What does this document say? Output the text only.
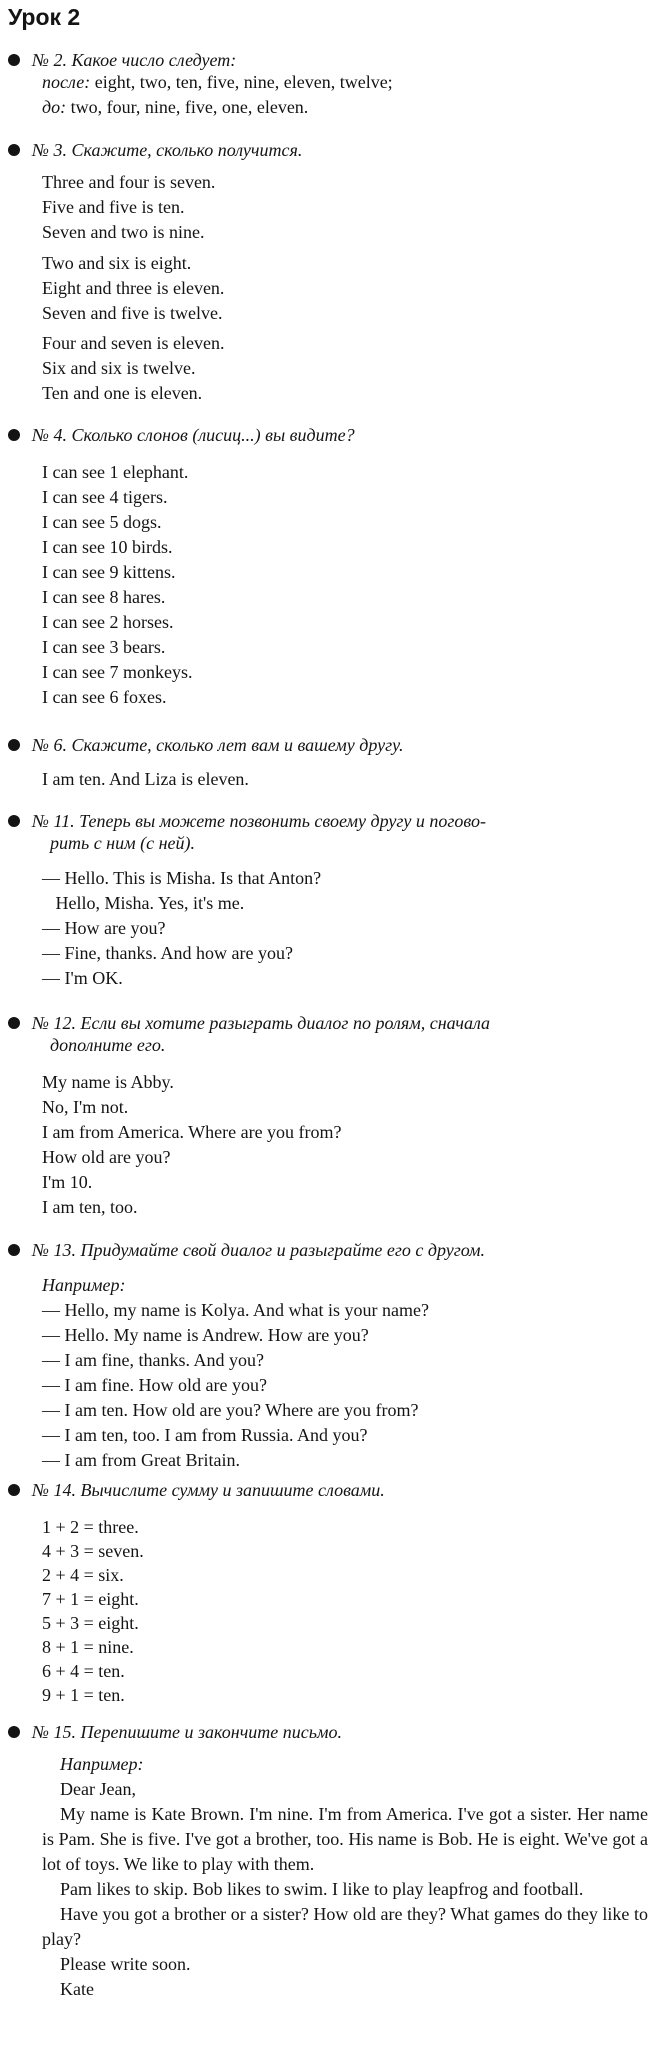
Урок 2

№ 2. Какое число следует:

после: eight, two, ten, five, nine, eleven, twelve;
до: two, four, nine, five, one, eleven.

№ 3. Скажите, сколько получится.

Three and four is seven.
Five and five is ten.
Seven and two is nine.
Two and six is eight.
Eight and three is eleven.
Seven and five is twelve.
Four and seven is eleven.
Six and six is twelve.
Ten and one is eleven.

№ 4. Сколько слонов (лисиц...) вы видите?

I can see 1 elephant.
I can see 4 tigers.
I can see 5 dogs.
I can see 10 birds.
I can see 9 kittens.
I can see 8 hares.
I can see 2 horses.
I can see 3 bears.
I can see 7 monkeys.
I can see 6 foxes.

№ 6. Скажите, сколько лет вам и вашему другу.

I am ten. And Liza is eleven.

№ 11. Теперь вы можете позвонить своему другу и погово-
рить с ним (с ней).

— Hello. This is Misha. Is that Anton?
Hello, Misha. Yes, it's me.
— How are you?
— Fine, thanks. And how are you?
— I'm OK.

№ 12. Если вы хотите разыграть диалог по ролям, сначала
дополните его.

My name is Abby.
No, I'm not.
I am from America. Where are you from?
How old are you?
I'm 10.
I am ten, too.

№ 13. Придумайте свой диалог и разыграйте его с другом.

Например:
— Hello, my name is Kolya. And what is your name?
— Hello. My name is Andrew. How are you?
— I am fine, thanks. And you?
— I am fine. How old are you?
— I am ten. How old are you? Where are you from?
— I am ten, too. I am from Russia. And you?
— I am from Great Britain.

№ 14. Вычислите сумму и запишите словами.

1 + 2 = three.
4 + 3 = seven.
2 + 4 = six.
7 + 1 = eight.
5 + 3 = eight.
8 + 1 = nine.
6 + 4 = ten.
9 + 1 = ten.

№ 15. Перепишите и закончите письмо.

Например:
Dear Jean,
My name is Kate Brown. I'm nine. I'm from America. I've got a sister. Her name is Pam. She is five. I've got a brother, too. His name is Bob. He is eight. We've got a lot of toys. We like to play with them.
Pam likes to skip. Bob likes to swim. I like to play leapfrog and football.
Have you got a brother or a sister? How old are they? What games do they like to play?
Please write soon.
Kate
